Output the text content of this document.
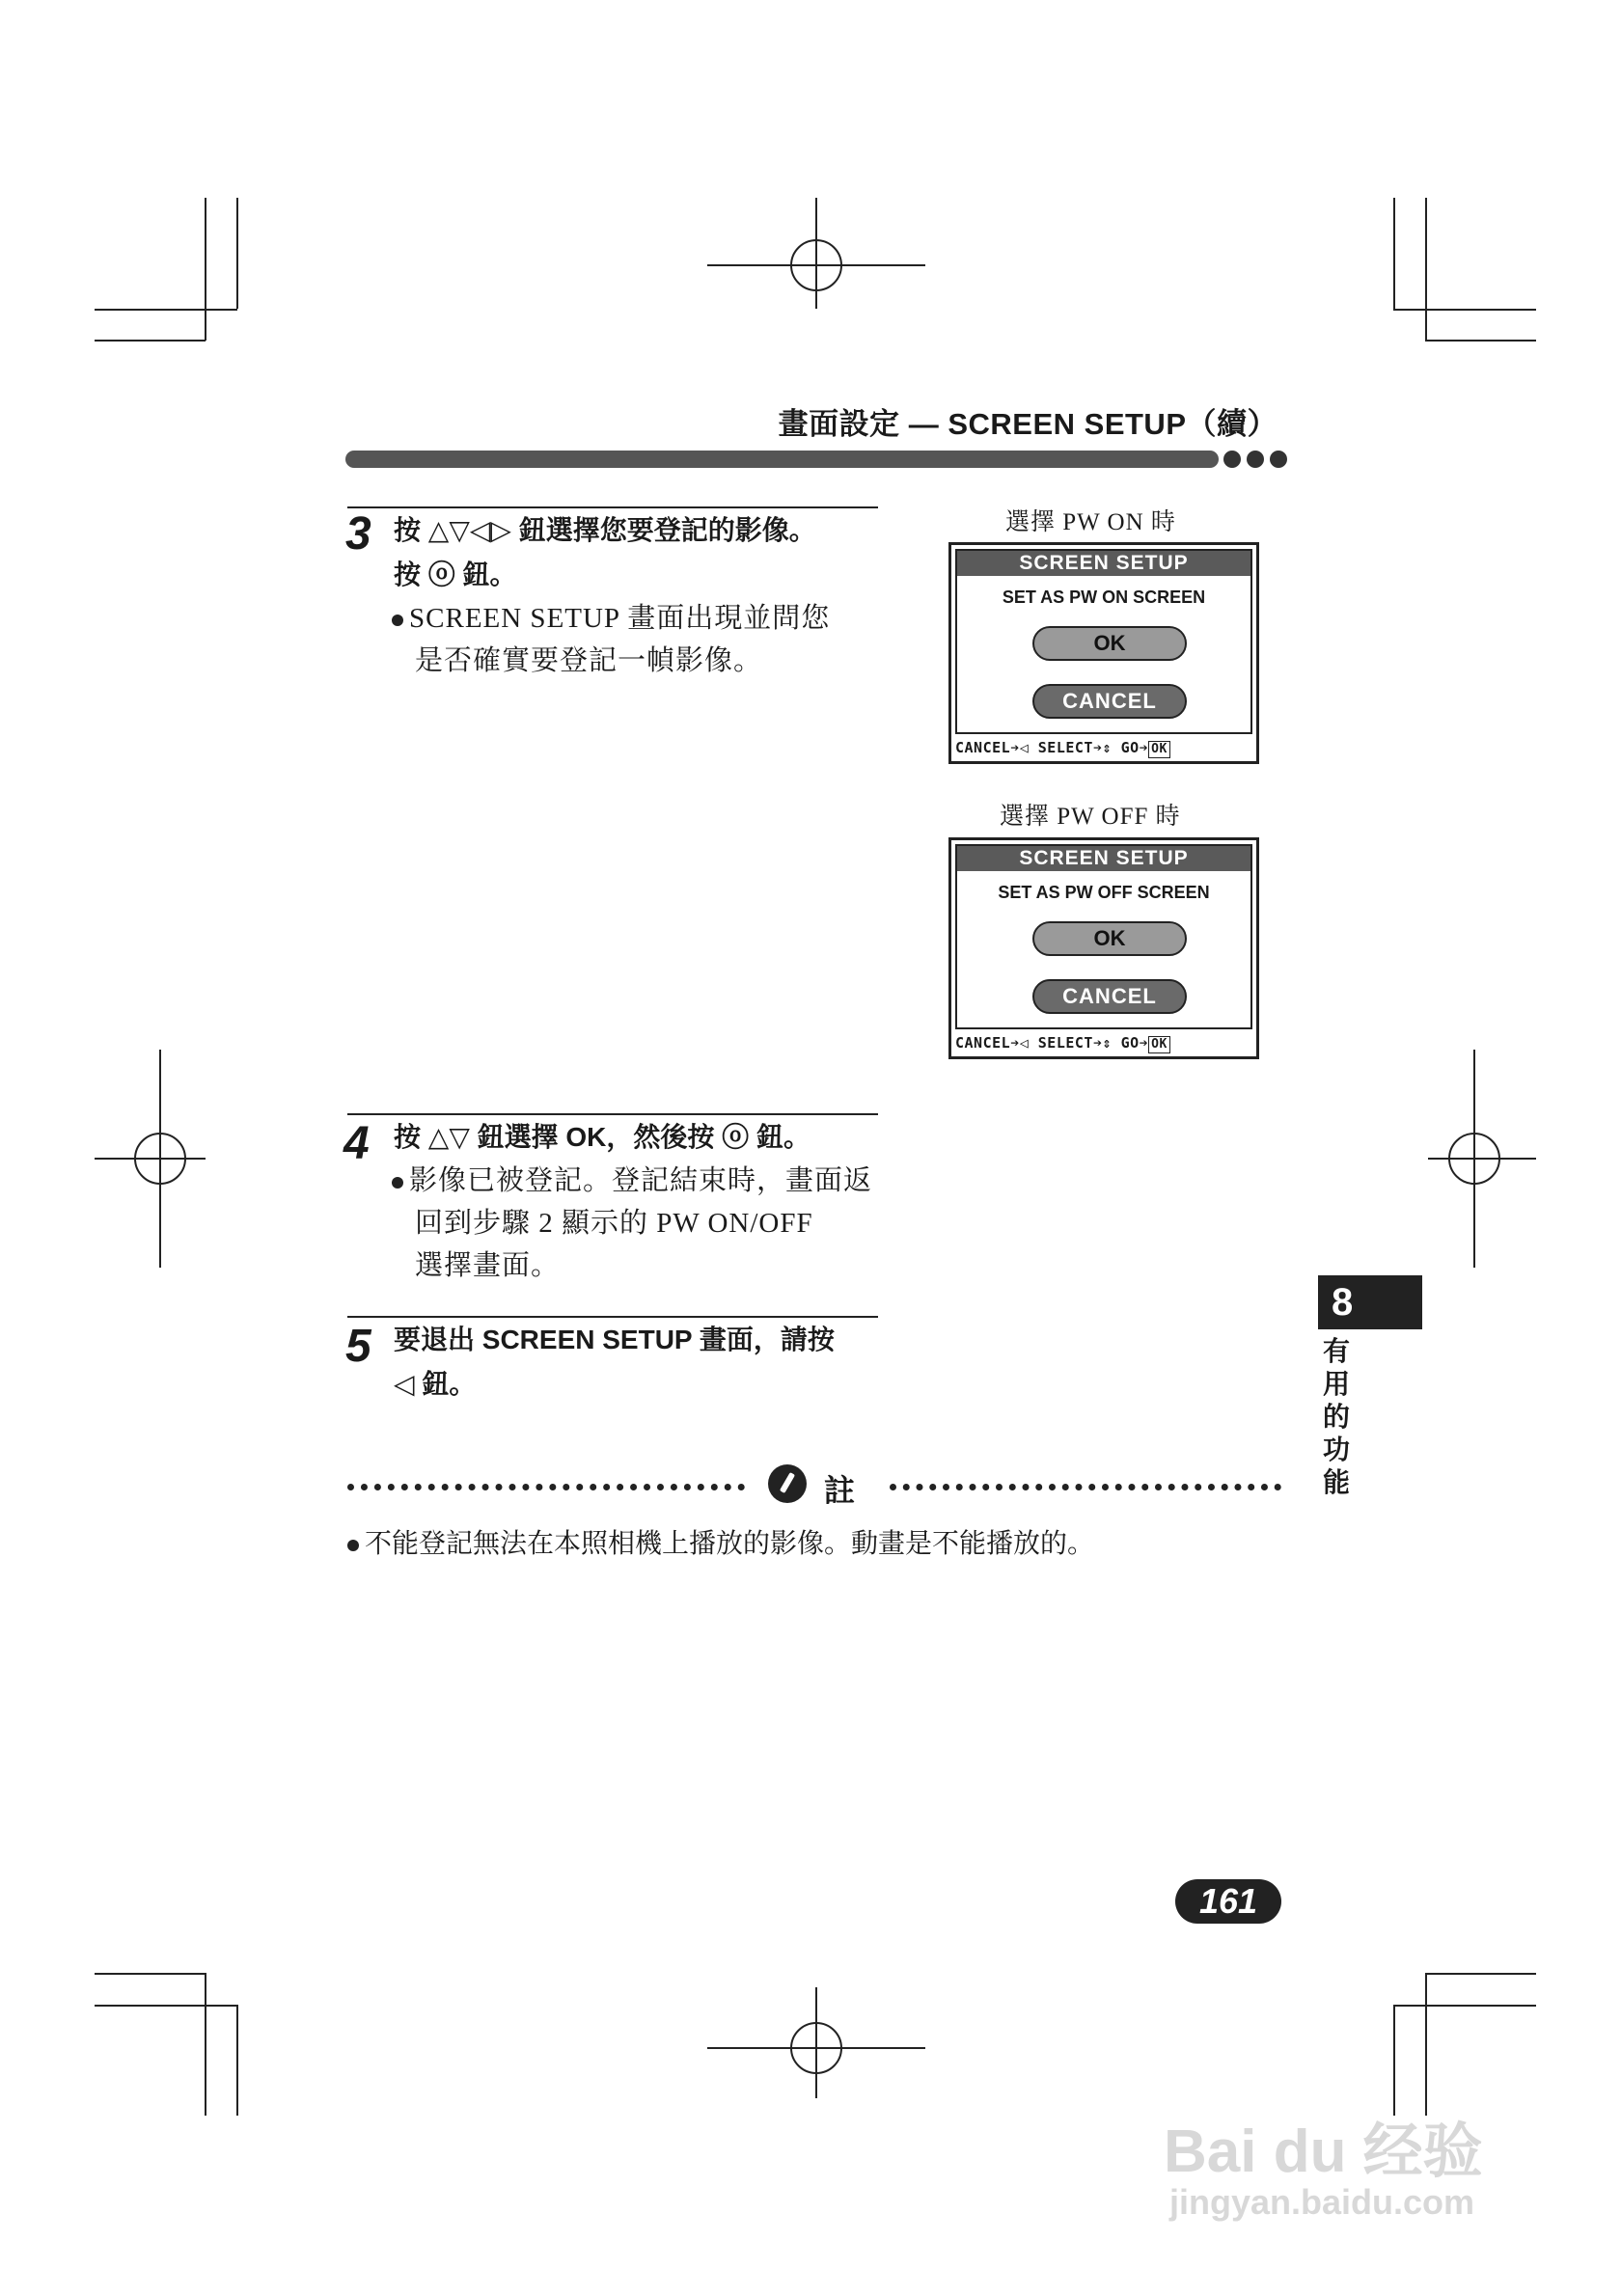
畫面設定 — SCREEN SETUP（續）
3 按 △▽◁▷ 鈕選擇您要登記的影像。
按 ⓞ 鈕。
SCREEN SETUP 畫面出現並問您
是否確實要登記一幀影像。
選擇 PW ON 時
SCREEN SETUP
SET AS PW ON SCREEN
OK
CANCEL
CANCEL➔◁ SELECT➔⇕ GO➔ OK
選擇 PW OFF 時
SCREEN SETUP
SET AS PW OFF SCREEN
OK
CANCEL
CANCEL➔◁ SELECT➔⇕ GO➔ OK
4 按 △▽ 鈕選擇 OK，然後按 ⓞ 鈕。
影像已被登記。登記結束時，畫面返
回到步驟 2 顯示的 PW ON/OFF
選擇畫面。
5 要退出 SCREEN SETUP 畫面，請按
◁ 鈕。
8
有
用
的
功
能
註
不能登記無法在本照相機上播放的影像。動畫是不能播放的。
161
Bai du 经验
jingyan.baidu.com
